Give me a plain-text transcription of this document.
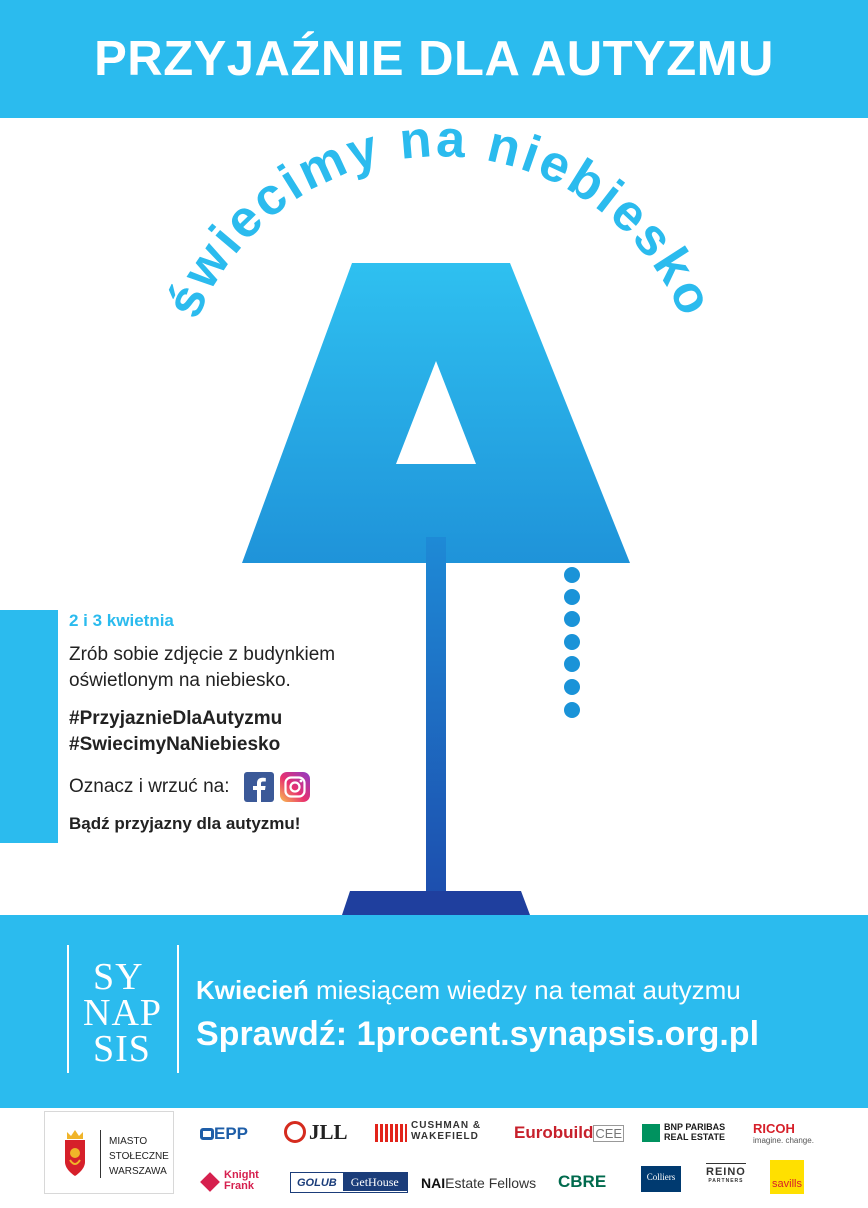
PRZYJAŹNIE DLA AUTYZMU
świecimy na niebiesko
2 i 3 kwietnia
Zrób sobie zdjęcie z budynkiem
oświetlonym na niebiesko.
#PrzyjaznieDlaAutyzmu
#SwiecimyNaNiebiesko
Oznacz i wrzuć na:
Bądź przyjazny dla autyzmu!
SY
NAP
SIS
Kwiecień miesiącem wiedzy na temat autyzmu
Sprawdź: 1procent.synapsis.org.pl
MIASTO
STOŁECZNE
WARSZAWA
EPP	JLL	CUSHMAN &
WAKEFIELD Eurobuild CEE	BNP PARIBAS
REAL ESTATE
RICOH
imagine. change.
Knight
Frank	GOLUB GetHouse	NAIEstate Fellows CBRE	Colliers	REINO
PARTNERS	savills
